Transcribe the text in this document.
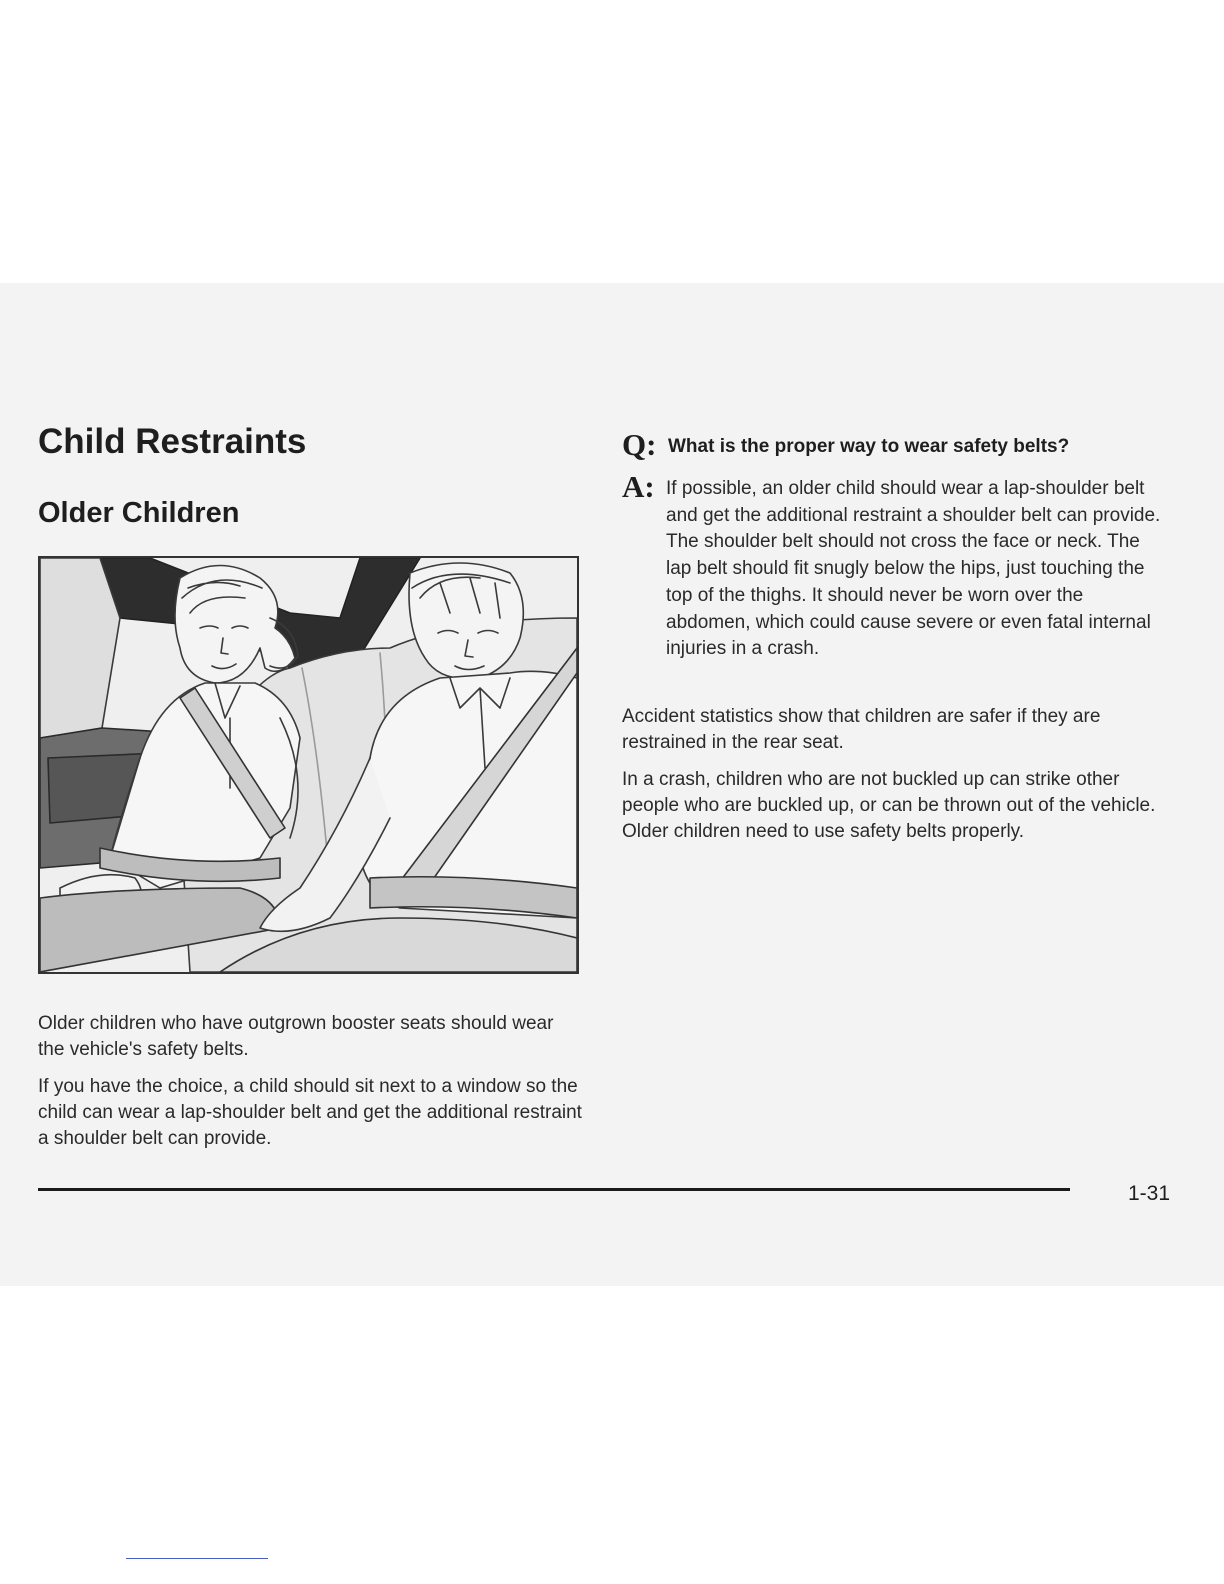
Child Restraints
Older Children

Older children who have outgrown booster seats should wear the vehicle's safety belts.

If you have the choice, a child should sit next to a window so the child can wear a lap-shoulder belt and get the additional restraint a shoulder belt can provide.

Q: What is the proper way to wear safety belts?

A: If possible, an older child should wear a lap-shoulder belt and get the additional restraint a shoulder belt can provide. The shoulder belt should not cross the face or neck. The lap belt should fit snugly below the hips, just touching the top of the thighs. It should never be worn over the abdomen, which could cause severe or even fatal internal injuries in a crash.

Accident statistics show that children are safer if they are restrained in the rear seat.

In a crash, children who are not buckled up can strike other people who are buckled up, or can be thrown out of the vehicle. Older children need to use safety belts properly.

1-31
